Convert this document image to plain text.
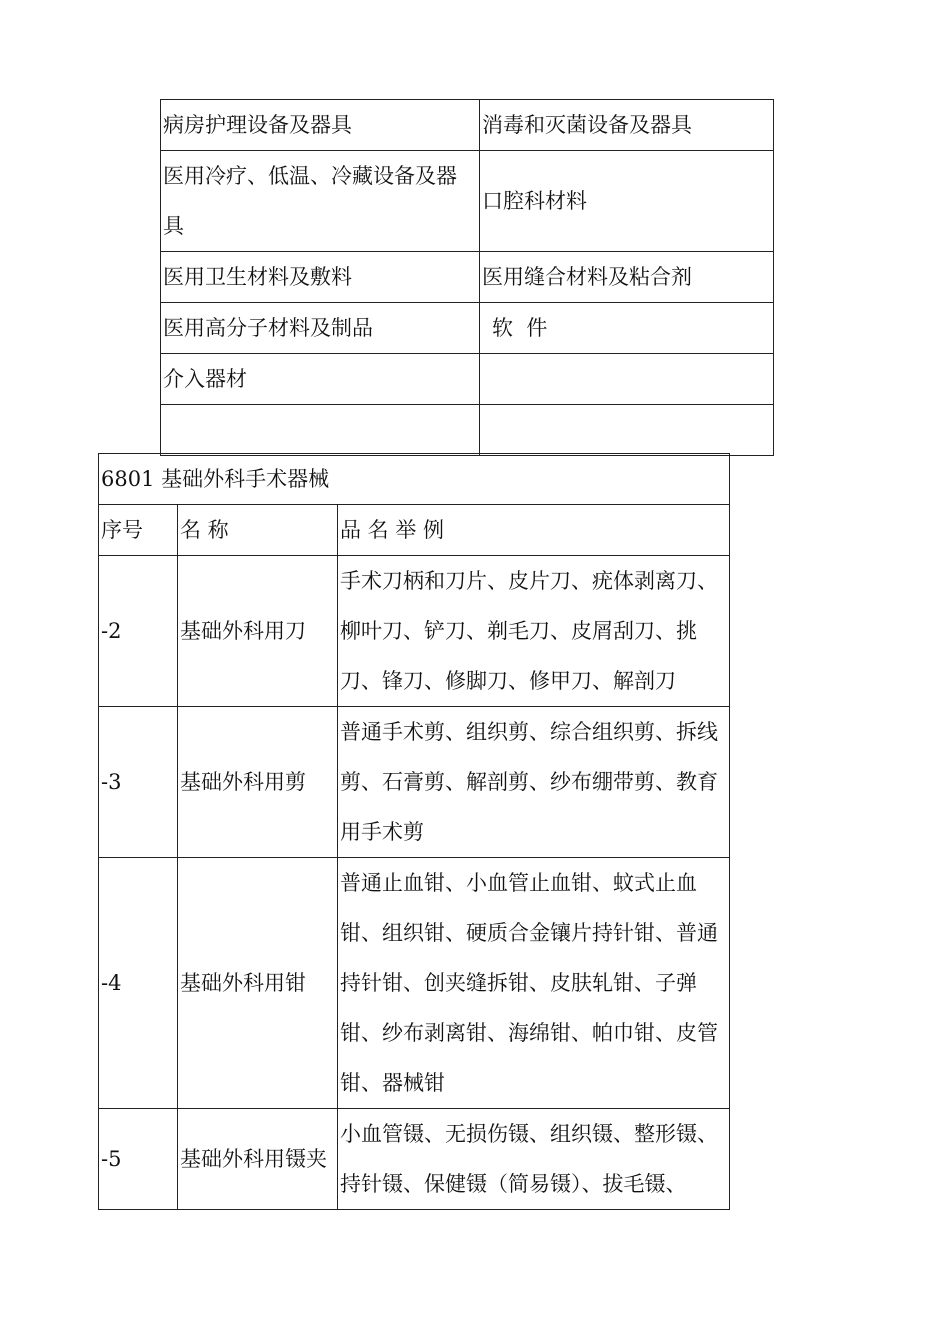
病房护理设备及器具	消毒和灭菌设备及器具
医用冷疗、低温、冷藏设备及器具	口腔科材料
医用卫生材料及敷料	医用缝合材料及粘合剂
医用高分子材料及制品	软  件
介入器材	

6801 基础外科手术器械		
序号	名 称	品 名 举 例
-2	基础外科用刀	手术刀柄和刀片、皮片刀、疣体剥离刀、柳叶刀、铲刀、剃毛刀、皮屑刮刀、挑刀、锋刀、修脚刀、修甲刀、解剖刀
-3	基础外科用剪	普通手术剪、组织剪、综合组织剪、拆线剪、石膏剪、解剖剪、纱布绷带剪、教育用手术剪
-4	基础外科用钳	普通止血钳、小血管止血钳、蚊式止血钳、组织钳、硬质合金镶片持针钳、普通持针钳、创夹缝拆钳、皮肤轧钳、子弹钳、纱布剥离钳、海绵钳、帕巾钳、皮管钳、器械钳
-5	基础外科用镊夹	小血管镊、无损伤镊、组织镊、整形镊、持针镊、保健镊（简易镊）、拔毛镊、
